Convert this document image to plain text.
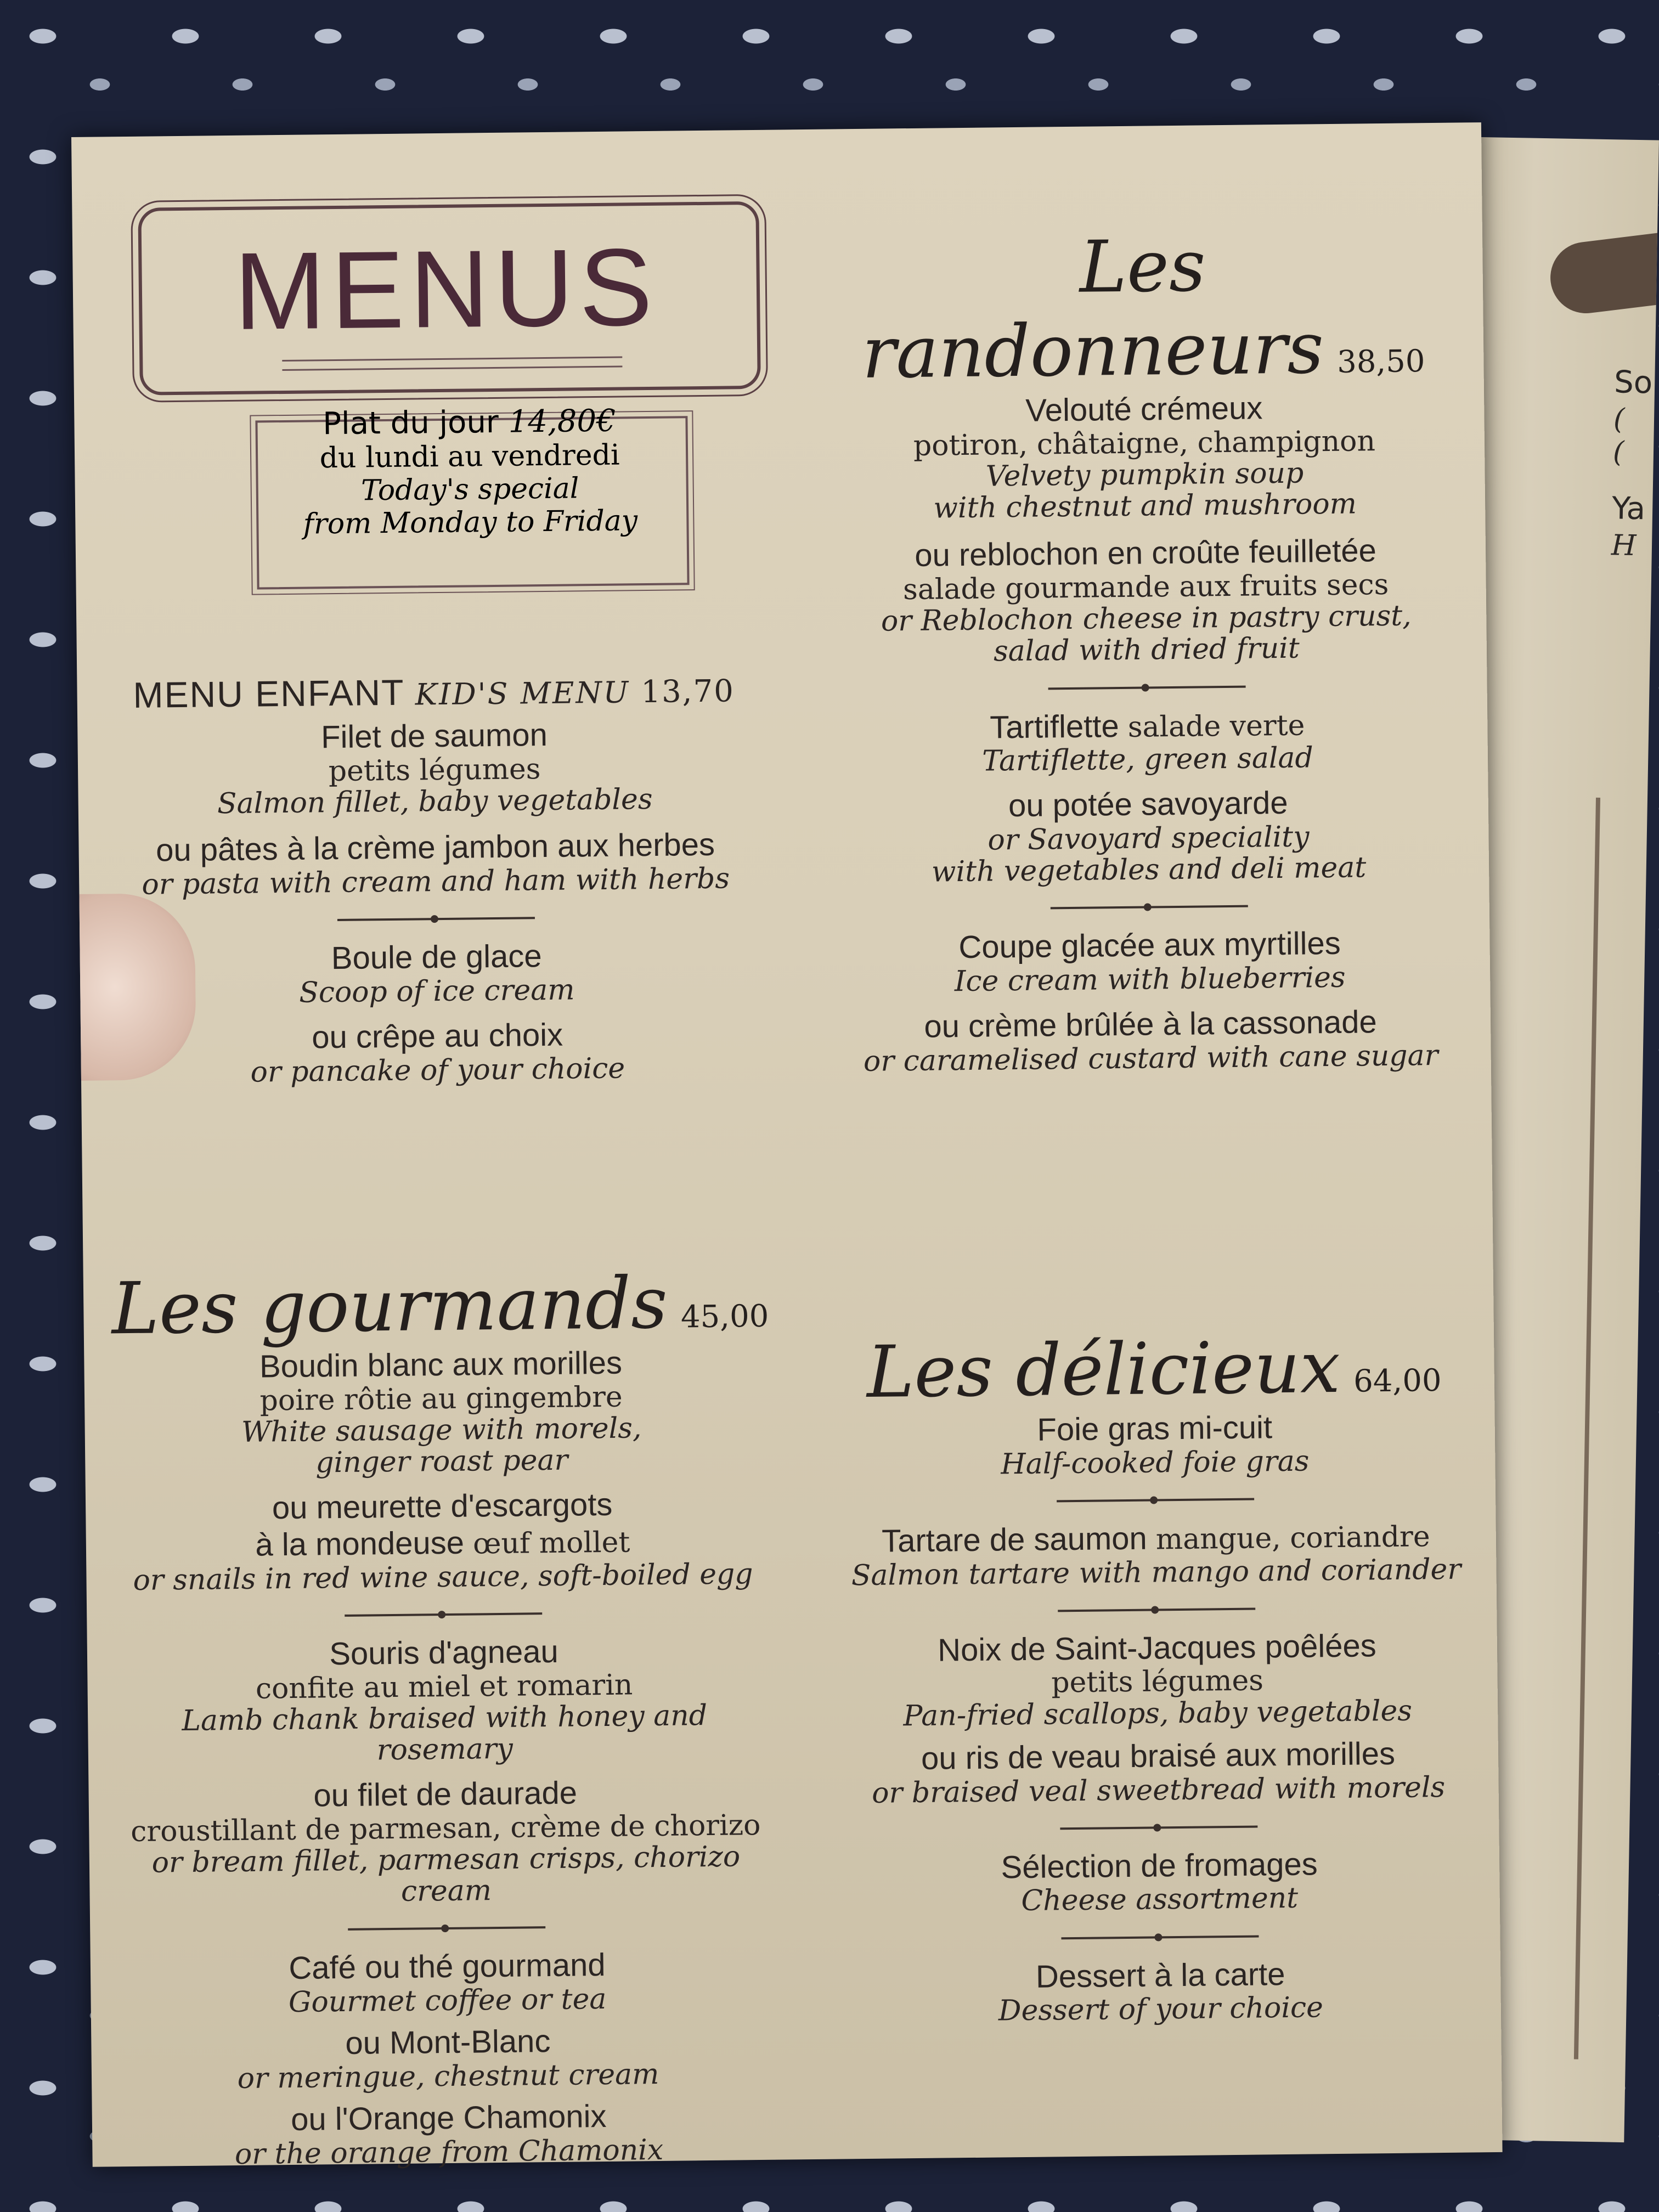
So
(
(
Ya
H
MENUS
Plat du jour 14,80€
du lundi au vendredi
Today's special
from Monday to Friday
MENU ENFANT KID'S MENU 13,70
Filet de saumon
petits légumes
Salmon fillet, baby vegetables
ou pâtes à la crème jambon aux herbes
or pasta with cream and ham with herbs
Boule de glace
Scoop of ice cream
ou crêpe au choix
or pancake of your choice
Les gourmands 45,00
Boudin blanc aux morilles
poire rôtie au gingembre
White sausage with morels,
ginger roast pear
ou meurette d'escargots
à la mondeuse œuf mollet
or snails in red wine sauce, soft-boiled egg
Souris d'agneau
confite au miel et romarin
Lamb chank braised with honey and rosemary
ou filet de daurade
croustillant de parmesan, crème de chorizo
or bream fillet, parmesan crisps, chorizo cream
Café ou thé gourmand
Gourmet coffee or tea
ou Mont-Blanc
or meringue, chestnut cream
ou l'Orange Chamonix
or the orange from Chamonix
Les randonneurs 38,50
Velouté crémeux
potiron, châtaigne, champignon
Velvety pumpkin soup
with chestnut and mushroom
ou reblochon en croûte feuilletée
salade gourmande aux fruits secs
or Reblochon cheese in pastry crust,
salad with dried fruit
Tartiflette salade verte
Tartiflette, green salad
ou potée savoyarde
or Savoyard speciality
with vegetables and deli meat
Coupe glacée aux myrtilles
Ice cream with blueberries
ou crème brûlée à la cassonade
or caramelised custard with cane sugar
Les délicieux 64,00
Foie gras mi-cuit
Half-cooked foie gras
Tartare de saumon mangue, coriandre
Salmon tartare with mango and coriander
Noix de Saint-Jacques poêlées
petits légumes
Pan-fried scallops, baby vegetables
ou ris de veau braisé aux morilles
or braised veal sweetbread with morels
Sélection de fromages
Cheese assortment
Dessert à la carte
Dessert of your choice
